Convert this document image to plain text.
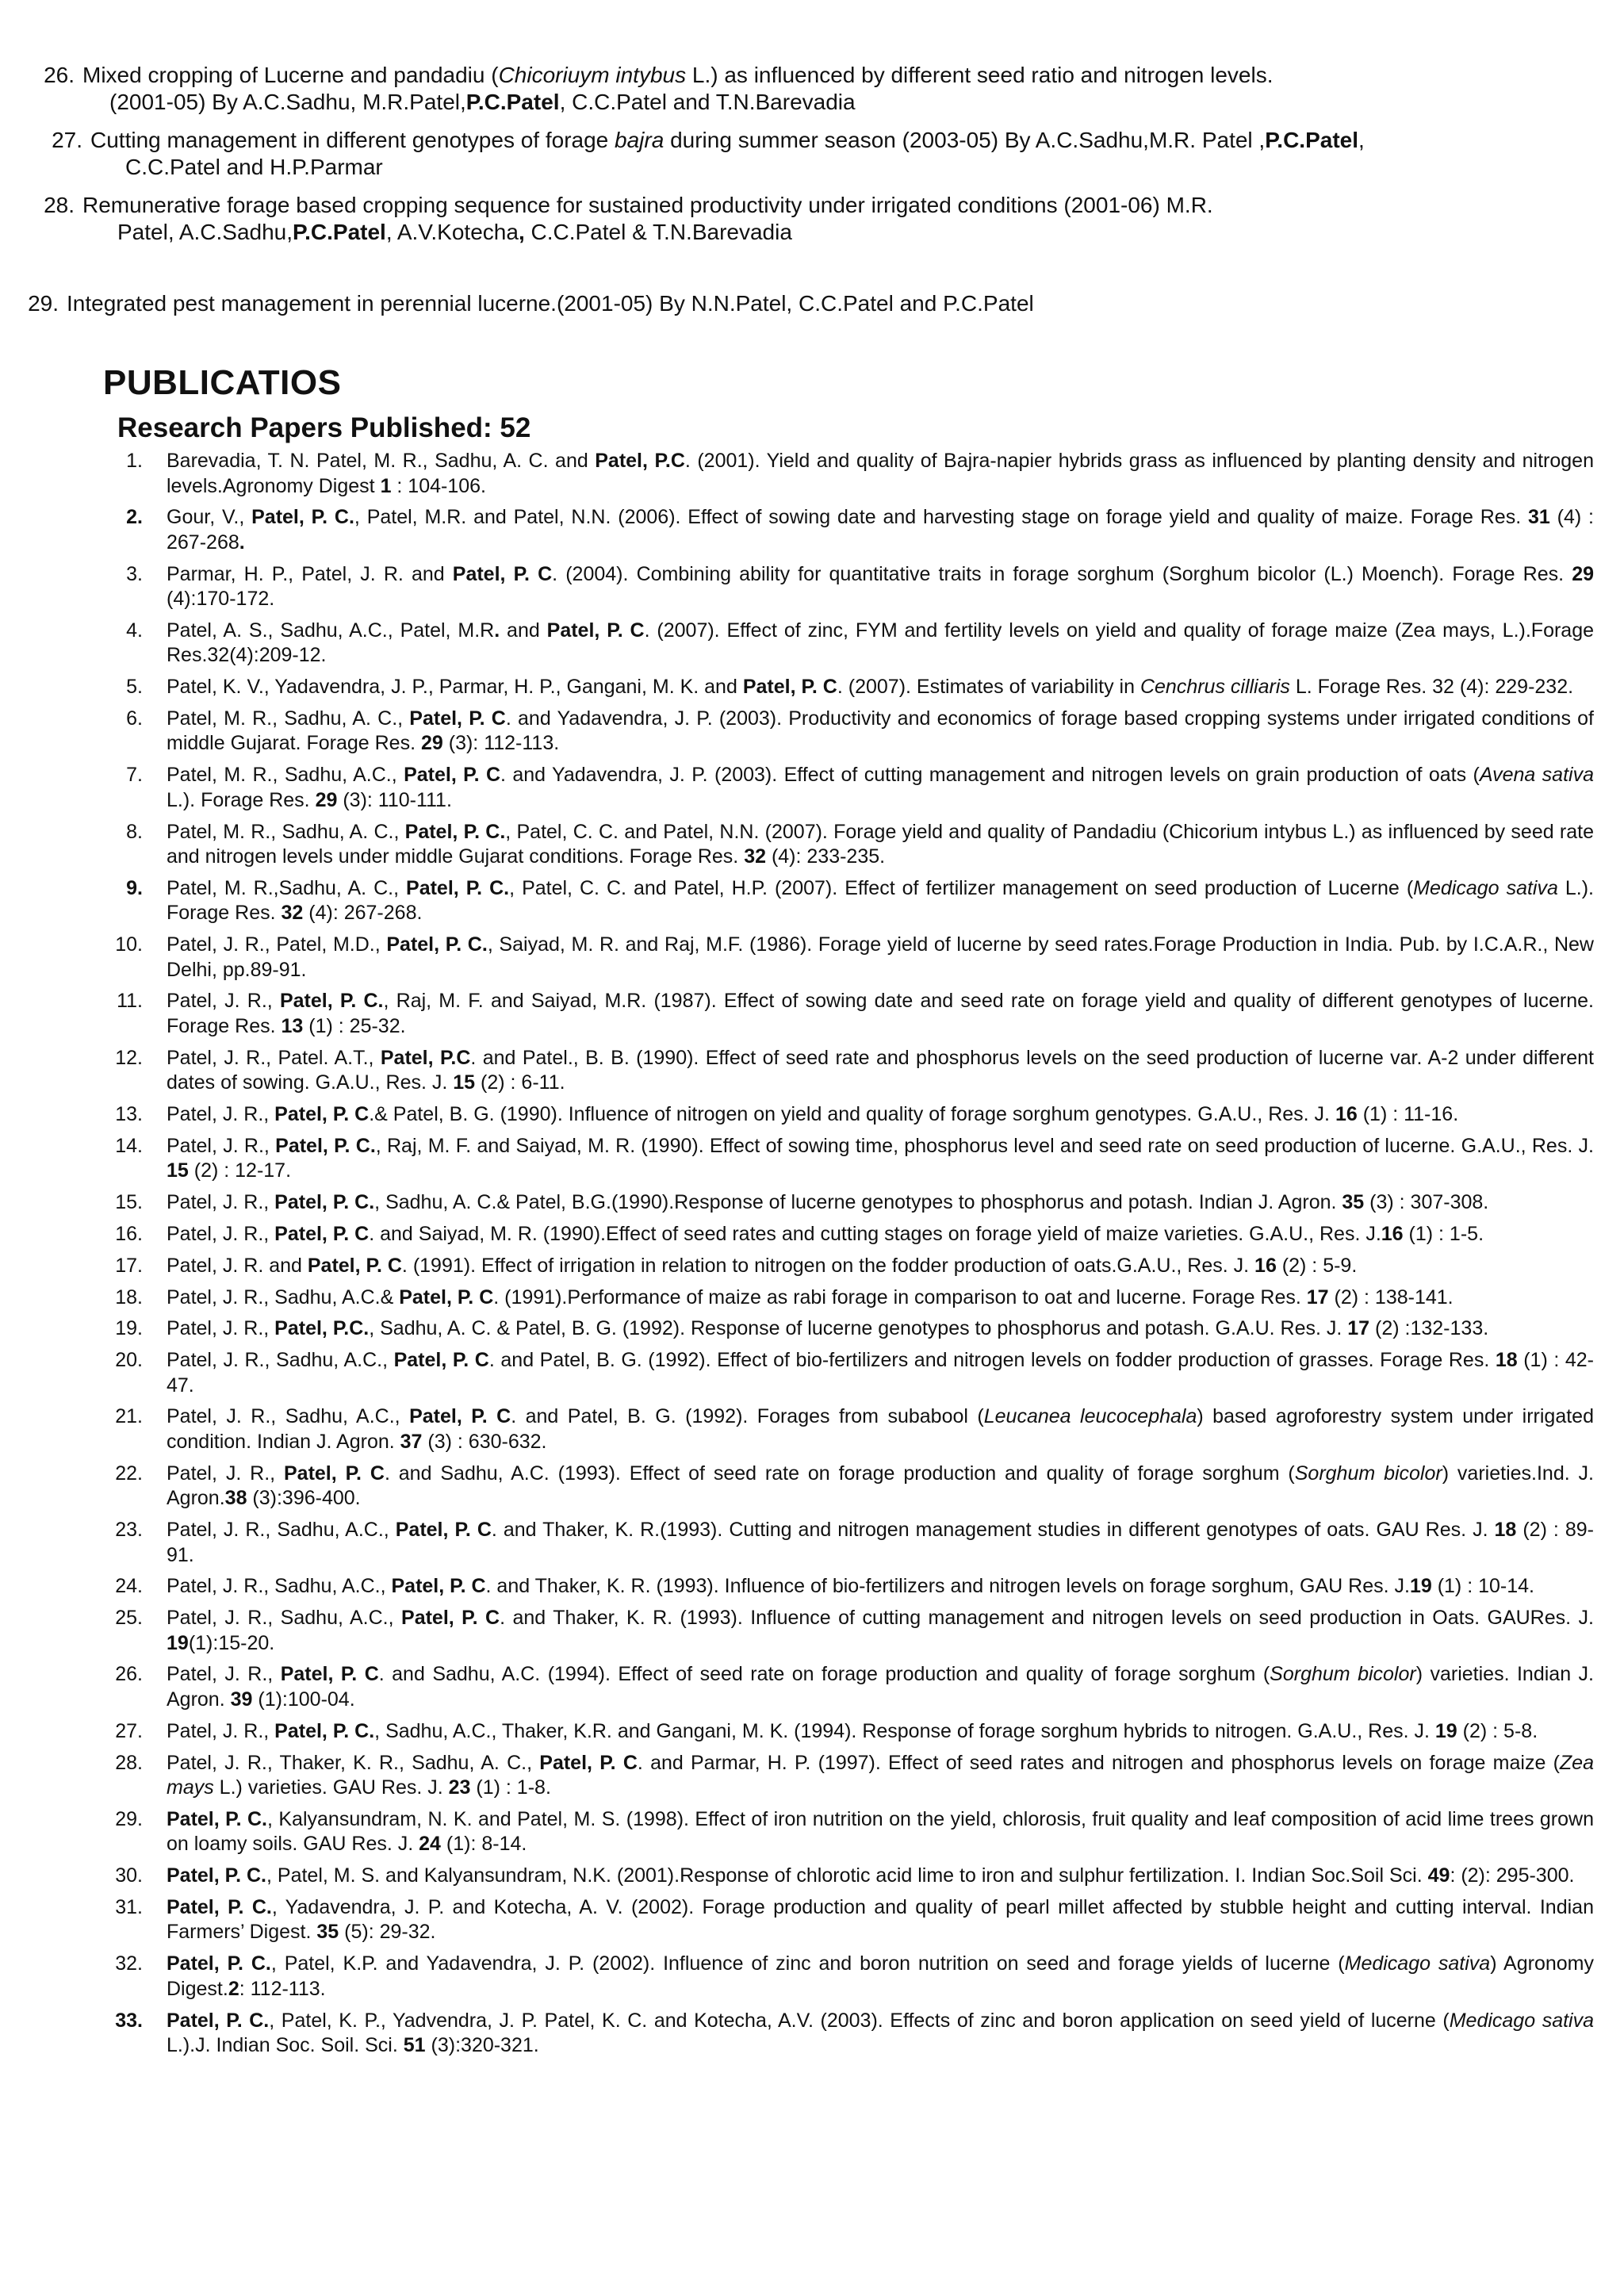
26. Mixed cropping of Lucerne and pandadiu (Chicoriuym intybus L.) as influenced by different seed ratio and nitrogen levels.
(2001-05) By A.C.Sadhu, M.R.Patel,P.C.Patel, C.C.Patel and T.N.Barevadia
27. Cutting management in different genotypes of forage bajra during summer season (2003-05) By A.C.Sadhu,M.R. Patel ,P.C.Patel,
C.C.Patel and H.P.Parmar
28. Remunerative forage based cropping sequence for sustained productivity under irrigated conditions (2001-06) M.R.
Patel, A.C.Sadhu,P.C.Patel, A.V.Kotecha, C.C.Patel & T.N.Barevadia
29. Integrated pest management in perennial lucerne.(2001-05) By N.N.Patel, C.C.Patel and P.C.Patel
PUBLICATIOS
Research Papers Published: 52
1.	Barevadia, T. N. Patel, M. R., Sadhu, A. C. and Patel, P.C. (2001). Yield and quality of Bajra-napier hybrids grass as influenced by planting density and nitrogen levels.Agronomy Digest 1 : 104-106.
2.	Gour, V., Patel, P. C., Patel, M.R. and Patel, N.N. (2006). Effect of sowing date and harvesting stage on forage yield and quality of maize. Forage Res. 31 (4) : 267-268.
3.	Parmar, H. P., Patel, J. R. and Patel, P. C. (2004). Combining ability for quantitative traits in forage sorghum (Sorghum bicolor (L.) Moench). Forage Res. 29 (4):170-172.
4.	Patel, A. S., Sadhu, A.C., Patel, M.R. and Patel, P. C. (2007). Effect of zinc, FYM and fertility levels on yield and quality of forage maize (Zea mays, L.).Forage Res.32(4):209-12.
5.	Patel, K. V., Yadavendra, J. P., Parmar, H. P., Gangani, M. K. and Patel, P. C. (2007). Estimates of variability in Cenchrus cilliaris L. Forage Res. 32 (4): 229-232.
6.	Patel, M. R., Sadhu, A. C., Patel, P. C. and Yadavendra, J. P. (2003). Productivity and economics of forage based cropping systems under irrigated conditions of middle Gujarat. Forage Res. 29 (3): 112-113.
7.	Patel, M. R., Sadhu, A.C., Patel, P. C. and Yadavendra, J. P. (2003). Effect of cutting management and nitrogen levels on grain production of oats (Avena sativa L.). Forage Res. 29 (3): 110-111.
8.	Patel, M. R., Sadhu, A. C., Patel, P. C., Patel, C. C. and Patel, N.N. (2007). Forage yield and quality of Pandadiu (Chicorium intybus L.) as influenced by seed rate and nitrogen levels under middle Gujarat conditions. Forage Res. 32 (4): 233-235.
9.	Patel, M. R.,Sadhu, A. C., Patel, P. C., Patel, C. C. and Patel, H.P. (2007). Effect of fertilizer management on seed production of Lucerne (Medicago sativa L.). Forage Res. 32 (4): 267-268.
10.	Patel, J. R., Patel, M.D., Patel, P. C., Saiyad, M. R. and Raj, M.F. (1986). Forage yield of lucerne by seed rates.Forage Production in India. Pub. by I.C.A.R., New Delhi, pp.89-91.
11.	Patel, J. R., Patel, P. C., Raj, M. F. and Saiyad, M.R. (1987). Effect of sowing date and seed rate on forage yield and quality of different genotypes of lucerne. Forage Res. 13 (1) : 25-32.
12.	Patel, J. R., Patel. A.T., Patel, P.C. and Patel., B. B. (1990). Effect of seed rate and phosphorus levels on the seed production of lucerne var. A-2 under different dates of sowing. G.A.U., Res. J. 15 (2) : 6-11.
13.	Patel, J. R., Patel, P. C.& Patel, B. G. (1990). Influence of nitrogen on yield and quality of forage sorghum genotypes. G.A.U., Res. J. 16 (1) : 11-16.
14.	Patel, J. R., Patel, P. C., Raj, M. F. and Saiyad, M. R. (1990). Effect of sowing time, phosphorus level and seed rate on seed production of lucerne. G.A.U., Res. J. 15 (2) : 12-17.
15.	Patel, J. R., Patel, P. C., Sadhu, A. C.& Patel, B.G.(1990).Response of lucerne genotypes to phosphorus and potash. Indian J. Agron. 35 (3) : 307-308.
16.	Patel, J. R., Patel, P. C. and Saiyad, M. R. (1990).Effect of seed rates and cutting stages on forage yield of maize varieties. G.A.U., Res. J.16 (1) : 1-5.
17.	Patel, J. R. and Patel, P. C. (1991). Effect of irrigation in relation to nitrogen on the fodder production of oats.G.A.U., Res. J. 16 (2) : 5-9.
18.	Patel, J. R., Sadhu, A.C.& Patel, P. C. (1991).Performance of maize as rabi forage in comparison to oat and lucerne. Forage Res. 17 (2) : 138-141.
19.	Patel, J. R., Patel, P.C., Sadhu, A. C. & Patel, B. G. (1992). Response of lucerne genotypes to phosphorus and potash. G.A.U. Res. J. 17 (2) :132-133.
20.	Patel, J. R., Sadhu, A.C., Patel, P. C. and Patel, B. G. (1992). Effect of bio-fertilizers and nitrogen levels on fodder production of grasses. Forage Res. 18 (1) : 42-47.
21.	Patel, J. R., Sadhu, A.C., Patel, P. C. and Patel, B. G. (1992). Forages from subabool (Leucanea leucocephala) based agroforestry system under irrigated condition. Indian J. Agron. 37 (3) : 630-632.
22.	Patel, J. R., Patel, P. C. and Sadhu, A.C. (1993). Effect of seed rate on forage production and quality of forage sorghum (Sorghum bicolor) varieties.Ind. J. Agron.38 (3):396-400.
23.	Patel, J. R., Sadhu, A.C., Patel, P. C. and Thaker, K. R.(1993). Cutting and nitrogen management studies in different genotypes of oats. GAU Res. J. 18 (2) : 89-91.
24.	Patel, J. R., Sadhu, A.C., Patel, P. C. and Thaker, K. R. (1993). Influence of bio-fertilizers and nitrogen levels on forage sorghum, GAU Res. J.19 (1) : 10-14.
25.	Patel, J. R., Sadhu, A.C., Patel, P. C. and Thaker, K. R. (1993). Influence of cutting management and nitrogen levels on seed production in Oats. GAURes. J. 19(1):15-20.
26.	Patel, J. R., Patel, P. C. and Sadhu, A.C. (1994). Effect of seed rate on forage production and quality of forage sorghum (Sorghum bicolor) varieties. Indian J. Agron. 39 (1):100-04.
27.	Patel, J. R., Patel, P. C., Sadhu, A.C., Thaker, K.R. and Gangani, M. K. (1994). Response of forage sorghum hybrids to nitrogen. G.A.U., Res. J. 19 (2) : 5-8.
28.	Patel, J. R., Thaker, K. R., Sadhu, A. C., Patel, P. C. and Parmar, H. P. (1997). Effect of seed rates and nitrogen and phosphorus levels on forage maize (Zea mays L.) varieties. GAU Res. J. 23 (1) : 1-8.
29.	Patel, P. C., Kalyansundram, N. K. and Patel, M. S. (1998). Effect of iron nutrition on the yield, chlorosis, fruit quality and leaf composition of acid lime trees grown on loamy soils. GAU Res. J. 24 (1): 8-14.
30.	Patel, P. C., Patel, M. S. and Kalyansundram, N.K. (2001).Response of chlorotic acid lime to iron and sulphur fertilization. I. Indian Soc.Soil Sci. 49: (2): 295-300.
31.	Patel, P. C., Yadavendra, J. P. and Kotecha, A. V. (2002). Forage production and quality of pearl millet affected by stubble height and cutting interval. Indian Farmers’ Digest. 35 (5): 29-32.
32.	Patel, P. C., Patel, K.P. and Yadavendra, J. P. (2002). Influence of zinc and boron nutrition on seed and forage yields of lucerne (Medicago sativa) Agronomy Digest.2: 112-113.
33.	Patel, P. C., Patel, K. P., Yadvendra, J. P. Patel, K. C. and Kotecha, A.V. (2003). Effects of zinc and boron application on seed yield of lucerne (Medicago sativa L.).J. Indian Soc. Soil. Sci. 51 (3):320-321.
